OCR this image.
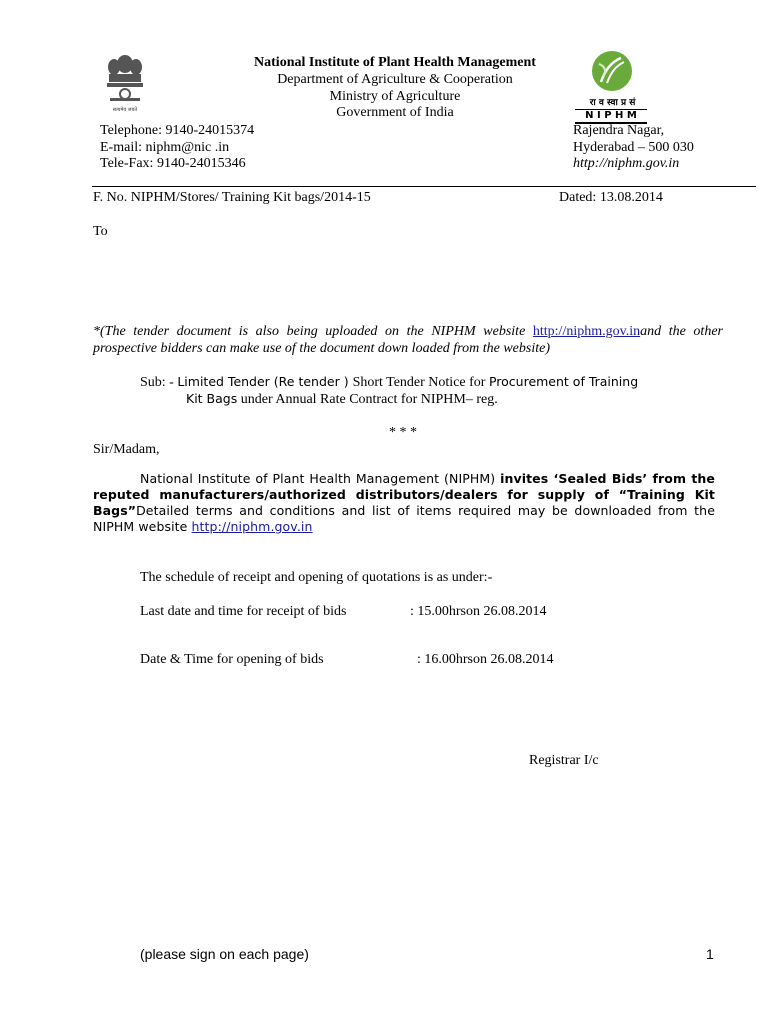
सत्यमेव जयते
National Institute of Plant Health Management
Department of Agriculture & Cooperation
Ministry of Agriculture
Government of India
Telephone: 9140-24015374
E-mail: niphm@nic .in
Tele-Fax: 9140-24015346
रा व स्वा प्र सं
N I P H M
Rajendra Nagar,
Hyderabad – 500 030
http://niphm.gov.in
F. No. NIPHM/Stores/ Training Kit bags/2014-15	Dated: 13.08.2014
To
*(The tender document is also being uploaded on the NIPHM website http://niphm.gov.inand the other prospective bidders can make use of the document down loaded from the website)
Sub: - Limited Tender (Re tender ) Short Tender Notice for Procurement of Training
Kit Bags under Annual Rate Contract for NIPHM– reg.
* * *
Sir/Madam,
National Institute of Plant Health Management (NIPHM) invites ‘Sealed Bids’ from the reputed manufacturers/authorized distributors/dealers for supply of “Training Kit Bags”Detailed terms and conditions and list of items required may be downloaded from the NIPHM website http://niphm.gov.in
The schedule of receipt and opening of quotations is as under:-
Last date and time for receipt of bids	: 15.00hrson 26.08.2014
Date & Time for opening of bids	: 16.00hrson 26.08.2014
Registrar I/c
(please sign on each page)	1
